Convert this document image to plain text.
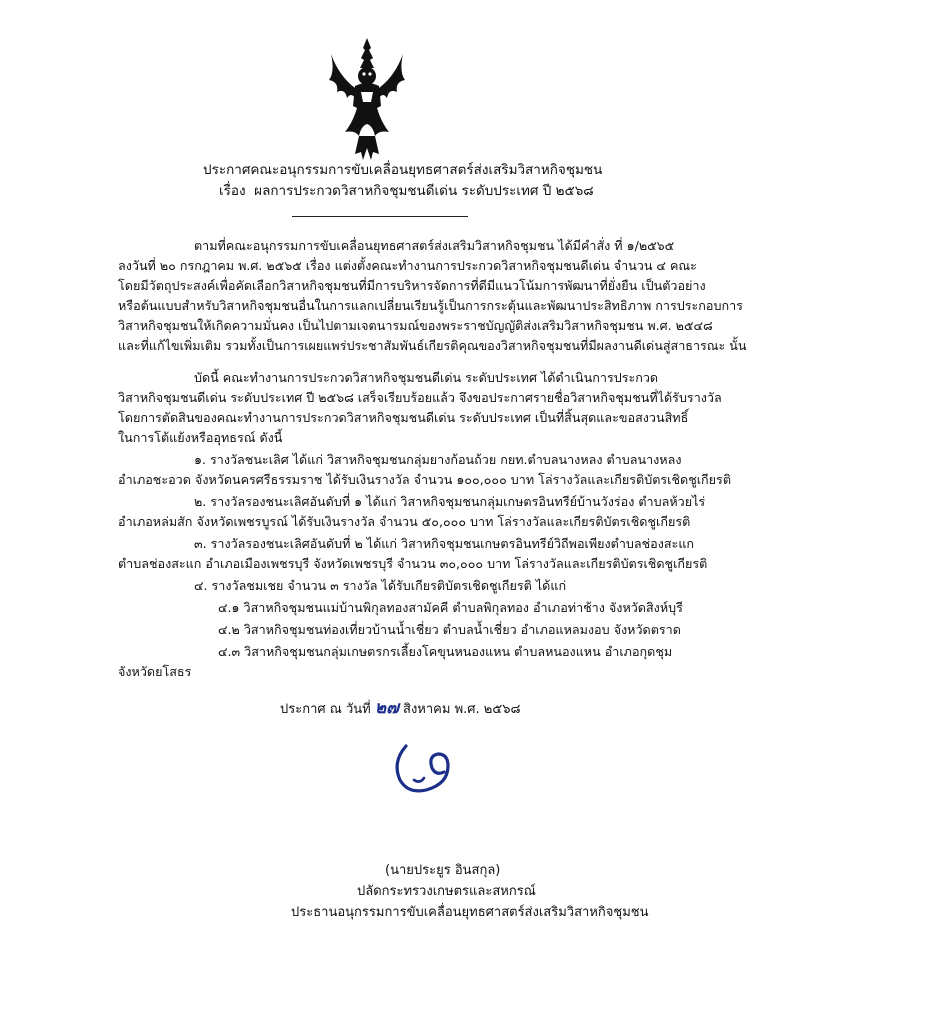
ประกาศคณะอนุกรรมการขับเคลื่อนยุทธศาสตร์ส่งเสริมวิสาหกิจชุมชน
เรื่อง ผลการประกวดวิสาหกิจชุมชนดีเด่น ระดับประเทศ ปี ๒๕๖๘
ตามที่คณะอนุกรรมการขับเคลื่อนยุทธศาสตร์ส่งเสริมวิสาหกิจชุมชน ได้มีคำสั่ง ที่ ๑/๒๕๖๕
ลงวันที่ ๒๐ กรกฎาคม พ.ศ. ๒๕๖๕ เรื่อง แต่งตั้งคณะทำงานการประกวดวิสาหกิจชุมชนดีเด่น จำนวน ๔ คณะ
โดยมีวัตถุประสงค์เพื่อคัดเลือกวิสาหกิจชุมชนที่มีการบริหารจัดการที่ดีมีแนวโน้มการพัฒนาที่ยั่งยืน เป็นตัวอย่าง
หรือต้นแบบสำหรับวิสาหกิจชุมชนอื่นในการแลกเปลี่ยนเรียนรู้เป็นการกระตุ้นและพัฒนาประสิทธิภาพ การประกอบการ
วิสาหกิจชุมชนให้เกิดความมั่นคง เป็นไปตามเจตนารมณ์ของพระราชบัญญัติส่งเสริมวิสาหกิจชุมชน พ.ศ. ๒๕๔๘
และที่แก้ไขเพิ่มเติม รวมทั้งเป็นการเผยแพร่ประชาสัมพันธ์เกียรติคุณของวิสาหกิจชุมชนที่มีผลงานดีเด่นสู่สาธารณะ นั้น
บัดนี้ คณะทำงานการประกวดวิสาหกิจชุมชนดีเด่น ระดับประเทศ ได้ดำเนินการประกวด
วิสาหกิจชุมชนดีเด่น ระดับประเทศ ปี ๒๕๖๘ เสร็จเรียบร้อยแล้ว จึงขอประกาศรายชื่อวิสาหกิจชุมชนที่ได้รับรางวัล
โดยการตัดสินของคณะทำงานการประกวดวิสาหกิจชุมชนดีเด่น ระดับประเทศ เป็นที่สิ้นสุดและขอสงวนสิทธิ์
ในการโต้แย้งหรืออุทธรณ์ ดังนี้
๑. รางวัลชนะเลิศ ได้แก่ วิสาหกิจชุมชนกลุ่มยางก้อนถ้วย กยท.ตำบลนางหลง ตำบลนางหลง
อำเภอชะอวด จังหวัดนครศรีธรรมราช ได้รับเงินรางวัล จำนวน ๑๐๐,๐๐๐ บาท โล่รางวัลและเกียรติบัตรเชิดชูเกียรติ
๒. รางวัลรองชนะเลิศอันดับที่ ๑ ได้แก่ วิสาหกิจชุมชนกลุ่มเกษตรอินทรีย์บ้านวังร่อง ตำบลห้วยไร่
อำเภอหล่มสัก จังหวัดเพชรบูรณ์ ได้รับเงินรางวัล จำนวน ๕๐,๐๐๐ บาท โล่รางวัลและเกียรติบัตรเชิดชูเกียรติ
๓. รางวัลรองชนะเลิศอันดับที่ ๒ ได้แก่ วิสาหกิจชุมชนเกษตรอินทรีย์วิถีพอเพียงตำบลช่องสะแก
ตำบลช่องสะแก อำเภอเมืองเพชรบุรี จังหวัดเพชรบุรี จำนวน ๓๐,๐๐๐ บาท โล่รางวัลและเกียรติบัตรเชิดชูเกียรติ
๔. รางวัลชมเชย จำนวน ๓ รางวัล ได้รับเกียรติบัตรเชิดชูเกียรติ ได้แก่
๔.๑ วิสาหกิจชุมชนแม่บ้านพิกุลทองสามัคคี ตำบลพิกุลทอง อำเภอท่าช้าง จังหวัดสิงห์บุรี
๔.๒ วิสาหกิจชุมชนท่องเที่ยวบ้านน้ำเชี่ยว ตำบลน้ำเชี่ยว อำเภอแหลมงอบ จังหวัดตราด
๔.๓ วิสาหกิจชุมชนกลุ่มเกษตรกรเลี้ยงโคขุนหนองแหน ตำบลหนองแหน อำเภอกุดชุม
จังหวัดยโสธร
ประกาศ ณ วันที่ ๒๗ สิงหาคม พ.ศ. ๒๕๖๘
(นายประยูร อินสกุล)
ปลัดกระทรวงเกษตรและสหกรณ์
ประธานอนุกรรมการขับเคลื่อนยุทธศาสตร์ส่งเสริมวิสาหกิจชุมชน
